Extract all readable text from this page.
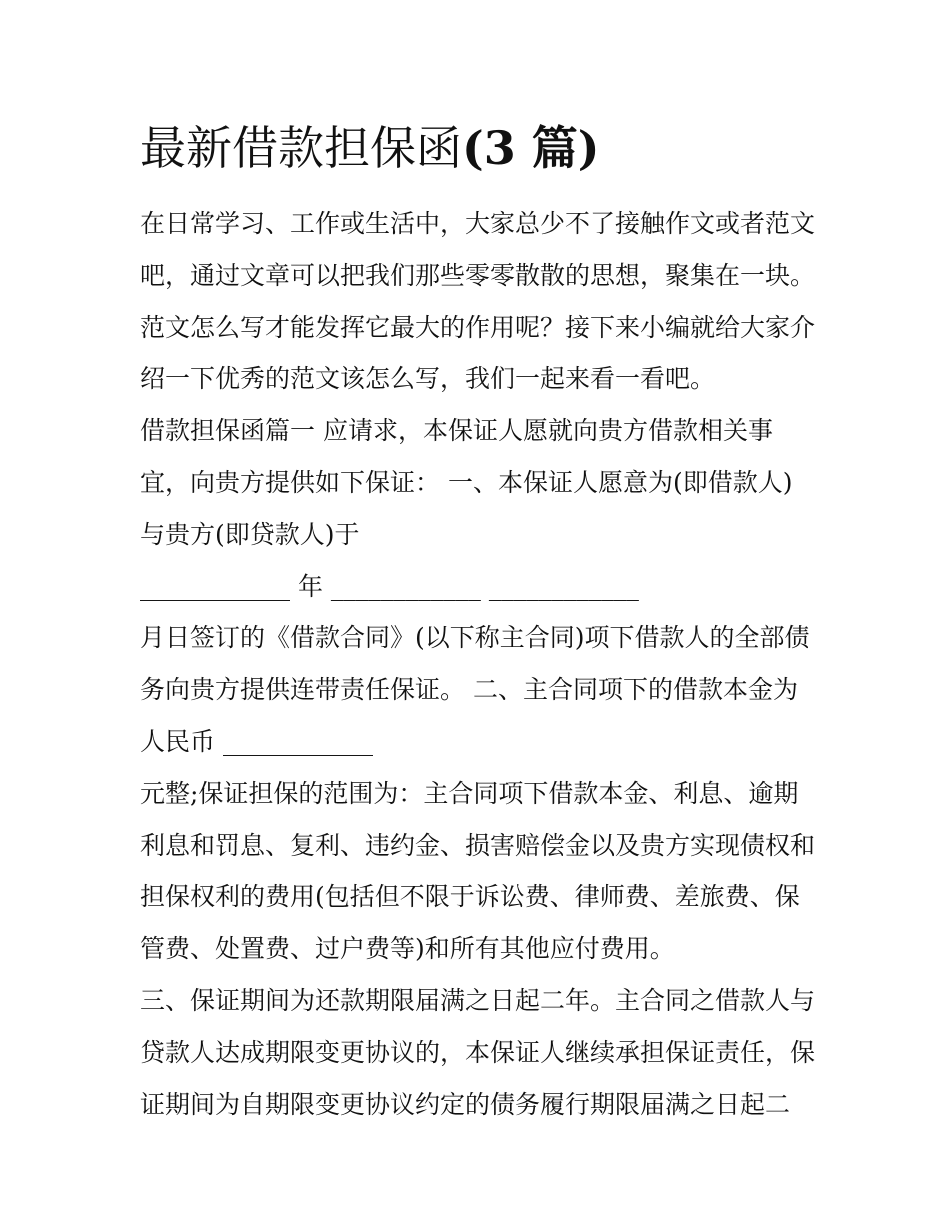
最新借款担保函(3 篇)
在日常学习、工作或生活中，大家总少不了接触作文或者范文
吧，通过文章可以把我们那些零零散散的思想，聚集在一块。
范文怎么写才能发挥它最大的作用呢？接下来小编就给大家介
绍一下优秀的范文该怎么写，我们一起来看一看吧。
借款担保函篇一 应请求，本保证人愿就向贵方借款相关事
宜，向贵方提供如下保证： 一、本保证人愿意为(即借款人)
与贵方(即贷款人)于
____________ 年 ____________ ____________
月日签订的《借款合同》(以下称主合同)项下借款人的全部债
务向贵方提供连带责任保证。 二、主合同项下的借款本金为
人民币 ____________
元整;保证担保的范围为：主合同项下借款本金、利息、逾期
利息和罚息、复利、违约金、损害赔偿金以及贵方实现债权和
担保权利的费用(包括但不限于诉讼费、律师费、差旅费、保
管费、处置费、过户费等)和所有其他应付费用。
三、保证期间为还款期限届满之日起二年。主合同之借款人与
贷款人达成期限变更协议的，本保证人继续承担保证责任，保
证期间为自期限变更协议约定的债务履行期限届满之日起二
